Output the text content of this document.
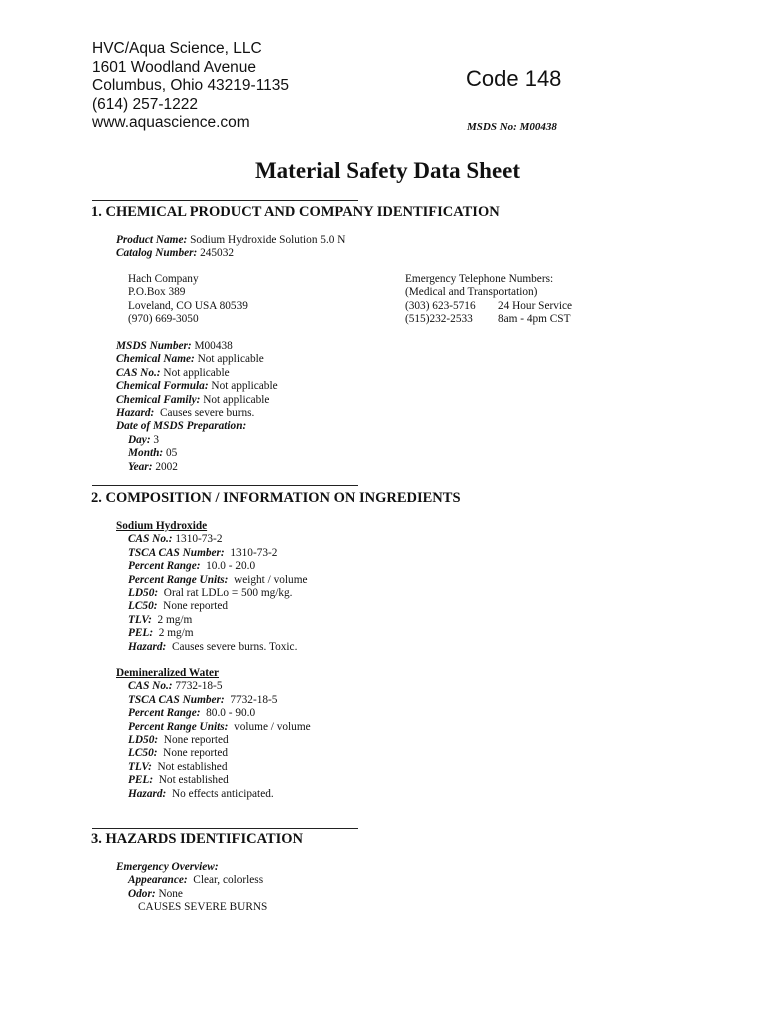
HVC/Aqua Science, LLC
1601 Woodland Avenue
Columbus, Ohio 43219-1135
(614) 257-1222
www.aquascience.com
Code 148
MSDS No: M00438
Material Safety Data Sheet
1. CHEMICAL PRODUCT AND COMPANY IDENTIFICATION
Product Name: Sodium Hydroxide Solution 5.0 N
Catalog Number: 245032
Hach Company
P.O.Box 389
Loveland, CO USA 80539
(970) 669-3050
Emergency Telephone Numbers:
(Medical and Transportation)
(303) 623-5716 24 Hour Service
(515)232-2533 8am - 4pm CST
MSDS Number: M00438
Chemical Name: Not applicable
CAS No.: Not applicable
Chemical Formula: Not applicable
Chemical Family: Not applicable
Hazard: Causes severe burns.
Date of MSDS Preparation:
Day: 3
Month: 05
Year: 2002
2. COMPOSITION / INFORMATION ON INGREDIENTS
Sodium Hydroxide
CAS No.: 1310-73-2
TSCA CAS Number: 1310-73-2
Percent Range: 10.0 - 20.0
Percent Range Units: weight / volume
LD50: Oral rat LDLo = 500 mg/kg.
LC50: None reported
TLV: 2 mg/m
PEL: 2 mg/m
Hazard: Causes severe burns. Toxic.
Demineralized Water
CAS No.: 7732-18-5
TSCA CAS Number: 7732-18-5
Percent Range: 80.0 - 90.0
Percent Range Units: volume / volume
LD50: None reported
LC50: None reported
TLV: Not established
PEL: Not established
Hazard: No effects anticipated.
3. HAZARDS IDENTIFICATION
Emergency Overview:
Appearance: Clear, colorless
Odor: None
CAUSES SEVERE BURNS
